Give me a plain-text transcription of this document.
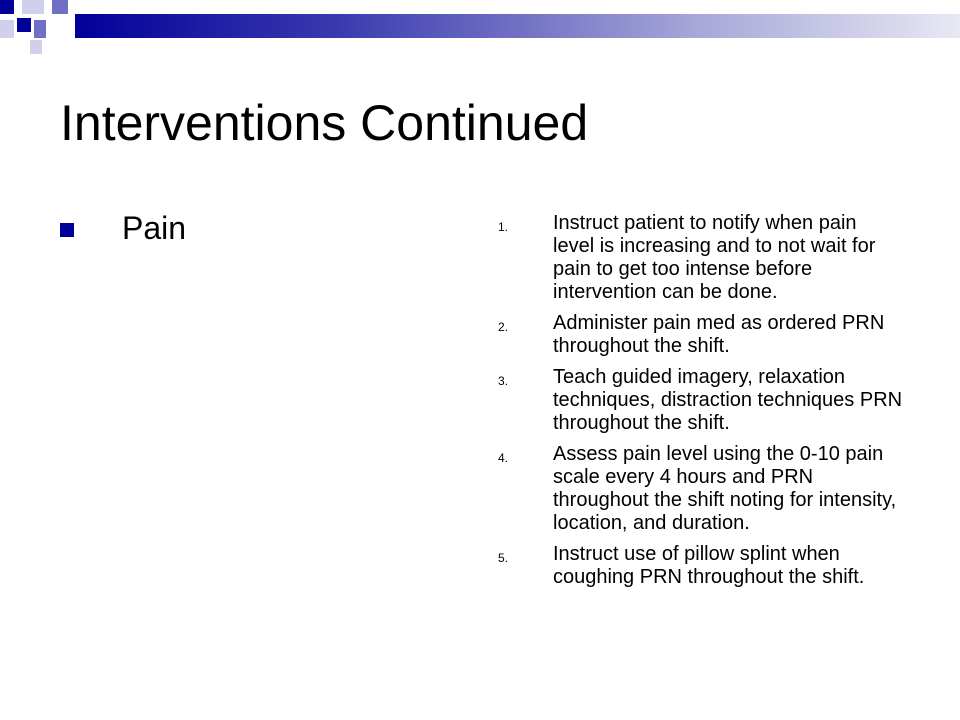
Interventions Continued
Pain	1.	Instruct patient to notify when pain level is increasing and to not wait for pain to get too intense before intervention can be done.
2.	Administer pain med as ordered PRN throughout the shift.
3.	Teach guided imagery, relaxation techniques, distraction techniques PRN throughout the shift.
4.	Assess pain level using the 0-10 pain scale every 4 hours and PRN throughout the shift noting for intensity, location, and duration.
5.	Instruct use of pillow splint when coughing PRN throughout the shift.
